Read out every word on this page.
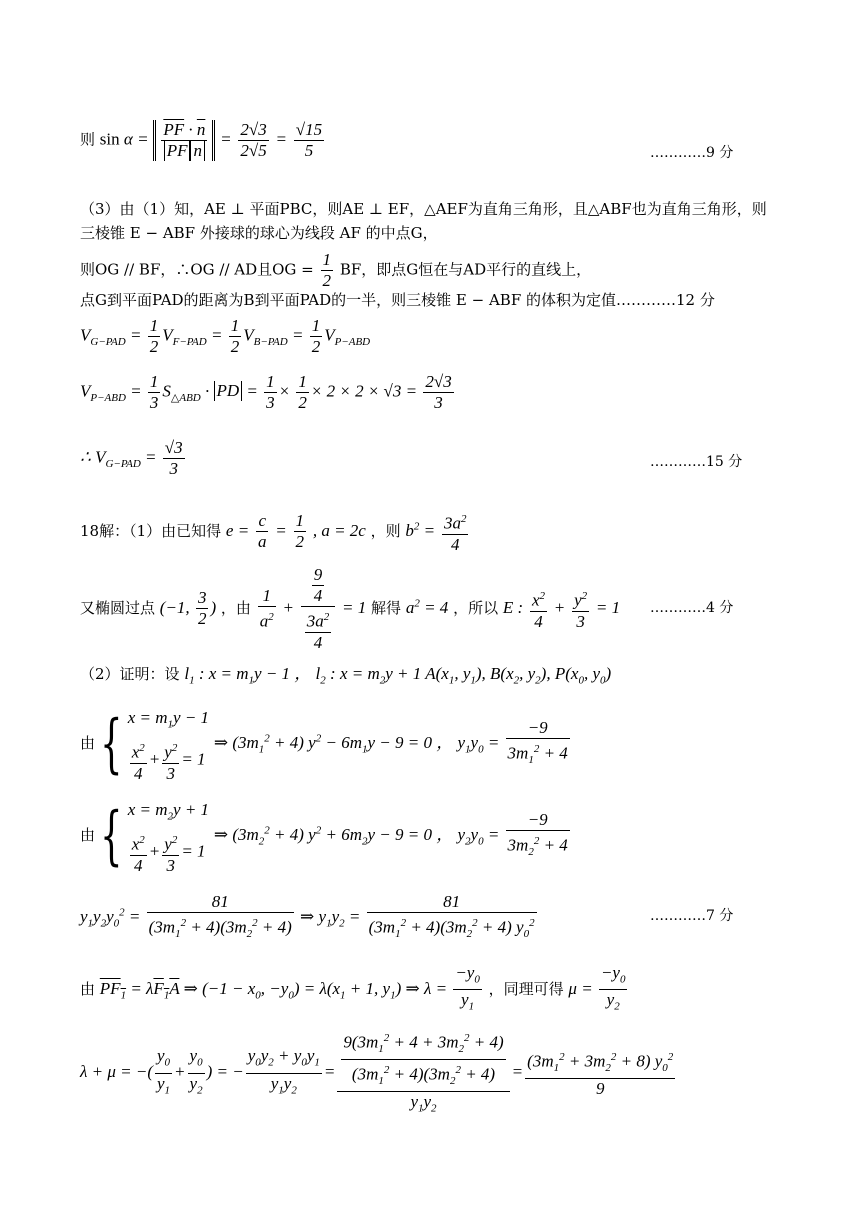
则 $\sin \alpha = \frac{\overline{PF} \cdot \overline{n}}{\overline{PF} \overline{n}} = \frac{2√3}{2√5} = \frac{√15}{5}$	…………9 分
（3）由（1）知，AE ⊥ 平面PBC，则AE ⊥ EF，△AEF为直角三角形，且△ABF也为直角三角形，则
三棱锥 E − ABF 外接球的球心为线段 AF 的中点G，
则OG // BF，∴OG // AD且OG = $\frac{1}{2}$ BF，即点G恒在与AD平行的直线上，
点G到平面PAD的距离为B到平面PAD的一半，则三棱锥 E − ABF 的体积为定值…………12 分
$V_{G-PAD} = \frac{1}{2} V_{F-PAD} = \frac{1}{2} V_{B-PAD} = \frac{1}{2} V_{P-ABD}$
$V_{P-ABD} = \frac{1}{3} S_{\triangle ABD}$ · PD = $\frac{1}{3} \times \frac{1}{2} \times 2 \times 2 \times √3 = \frac{2√3}{3}$
∴ $V_{G-PAD} = \frac{√3}{3}$	…………15 分
18解：（1）由已知得 $e = \frac{c}{a} = \frac{1}{2}$ , a = 2c ，则 $b^2 = \frac{3a^2}{4}$
又椭圆过点 (−1, $\frac{3}{2}$ ) ，由 $\frac{1}{a^2} + \frac{\frac{9}{4}}{\frac{3a^2}{4}} = 1$ 解得 $a^2 = 4$ ，所以 E : $\frac{x^2}{4} + \frac{y^2}{3} = 1$ …………4 分
（2）证明：设 $l_1$ : $x = m_1y - 1$ ， $l_2$ : $x = m_2y + 1$ $A(x_1$, $y_1$), $B(x_2$, $y_2$), $P(x_0$, $y_0$)
由{ $x = m_1y - 1$
$\frac{x^2}{4} + \frac{y^2}{3} = 1$
⇒ $(3m_1^2 + 4) y^2 - 6m_1y - 9 = 0$ ， $y_1y_0 = \frac{-9}{3m_1^2 + 4}$
由{ $x = m_2y + 1$
$\frac{x^2}{4} + \frac{y^2}{3} = 1$
⇒ $(3m_2^2 + 4) y^2 + 6m_2y - 9 = 0$ ， $y_2y_0 = \frac{-9}{3m_2^2 + 4}$
$y_1y_2y_0^2 = \frac{81}{(3m_1^2 + 4)(3m_2^2 + 4)}$ ⇒ $y_1y_2 = \frac{81}{(3m_1^2 + 4)(3m_2^2 + 4) y_0^2}$	…………7 分
由 $PF_1 = \lambda F_1A$ ⇒ ($-1 - x_0$, $-y_0) = \lambda(x_1 + 1$, $y_1$) ⇒ $\lambda = \frac{-y_0}{y_1}$ ，同理可得 $\mu = \frac{-y_0}{y_2}$
λ + μ = −( $\frac{y_0}{y_1} + \frac{y_0}{y_2}$ ) = − $\frac{y_0y_2 + y_0y_1}{y_1y_2} = \frac{\frac{9(3m_1^2 + 4 + 3m_2^2 + 4)}{(3m_1^2 + 4)(3m_2^2 + 4)}}{y_1y_2} = \frac{(3m_1^2 + 3m_2^2 + 8) y_0^2}{9}$
